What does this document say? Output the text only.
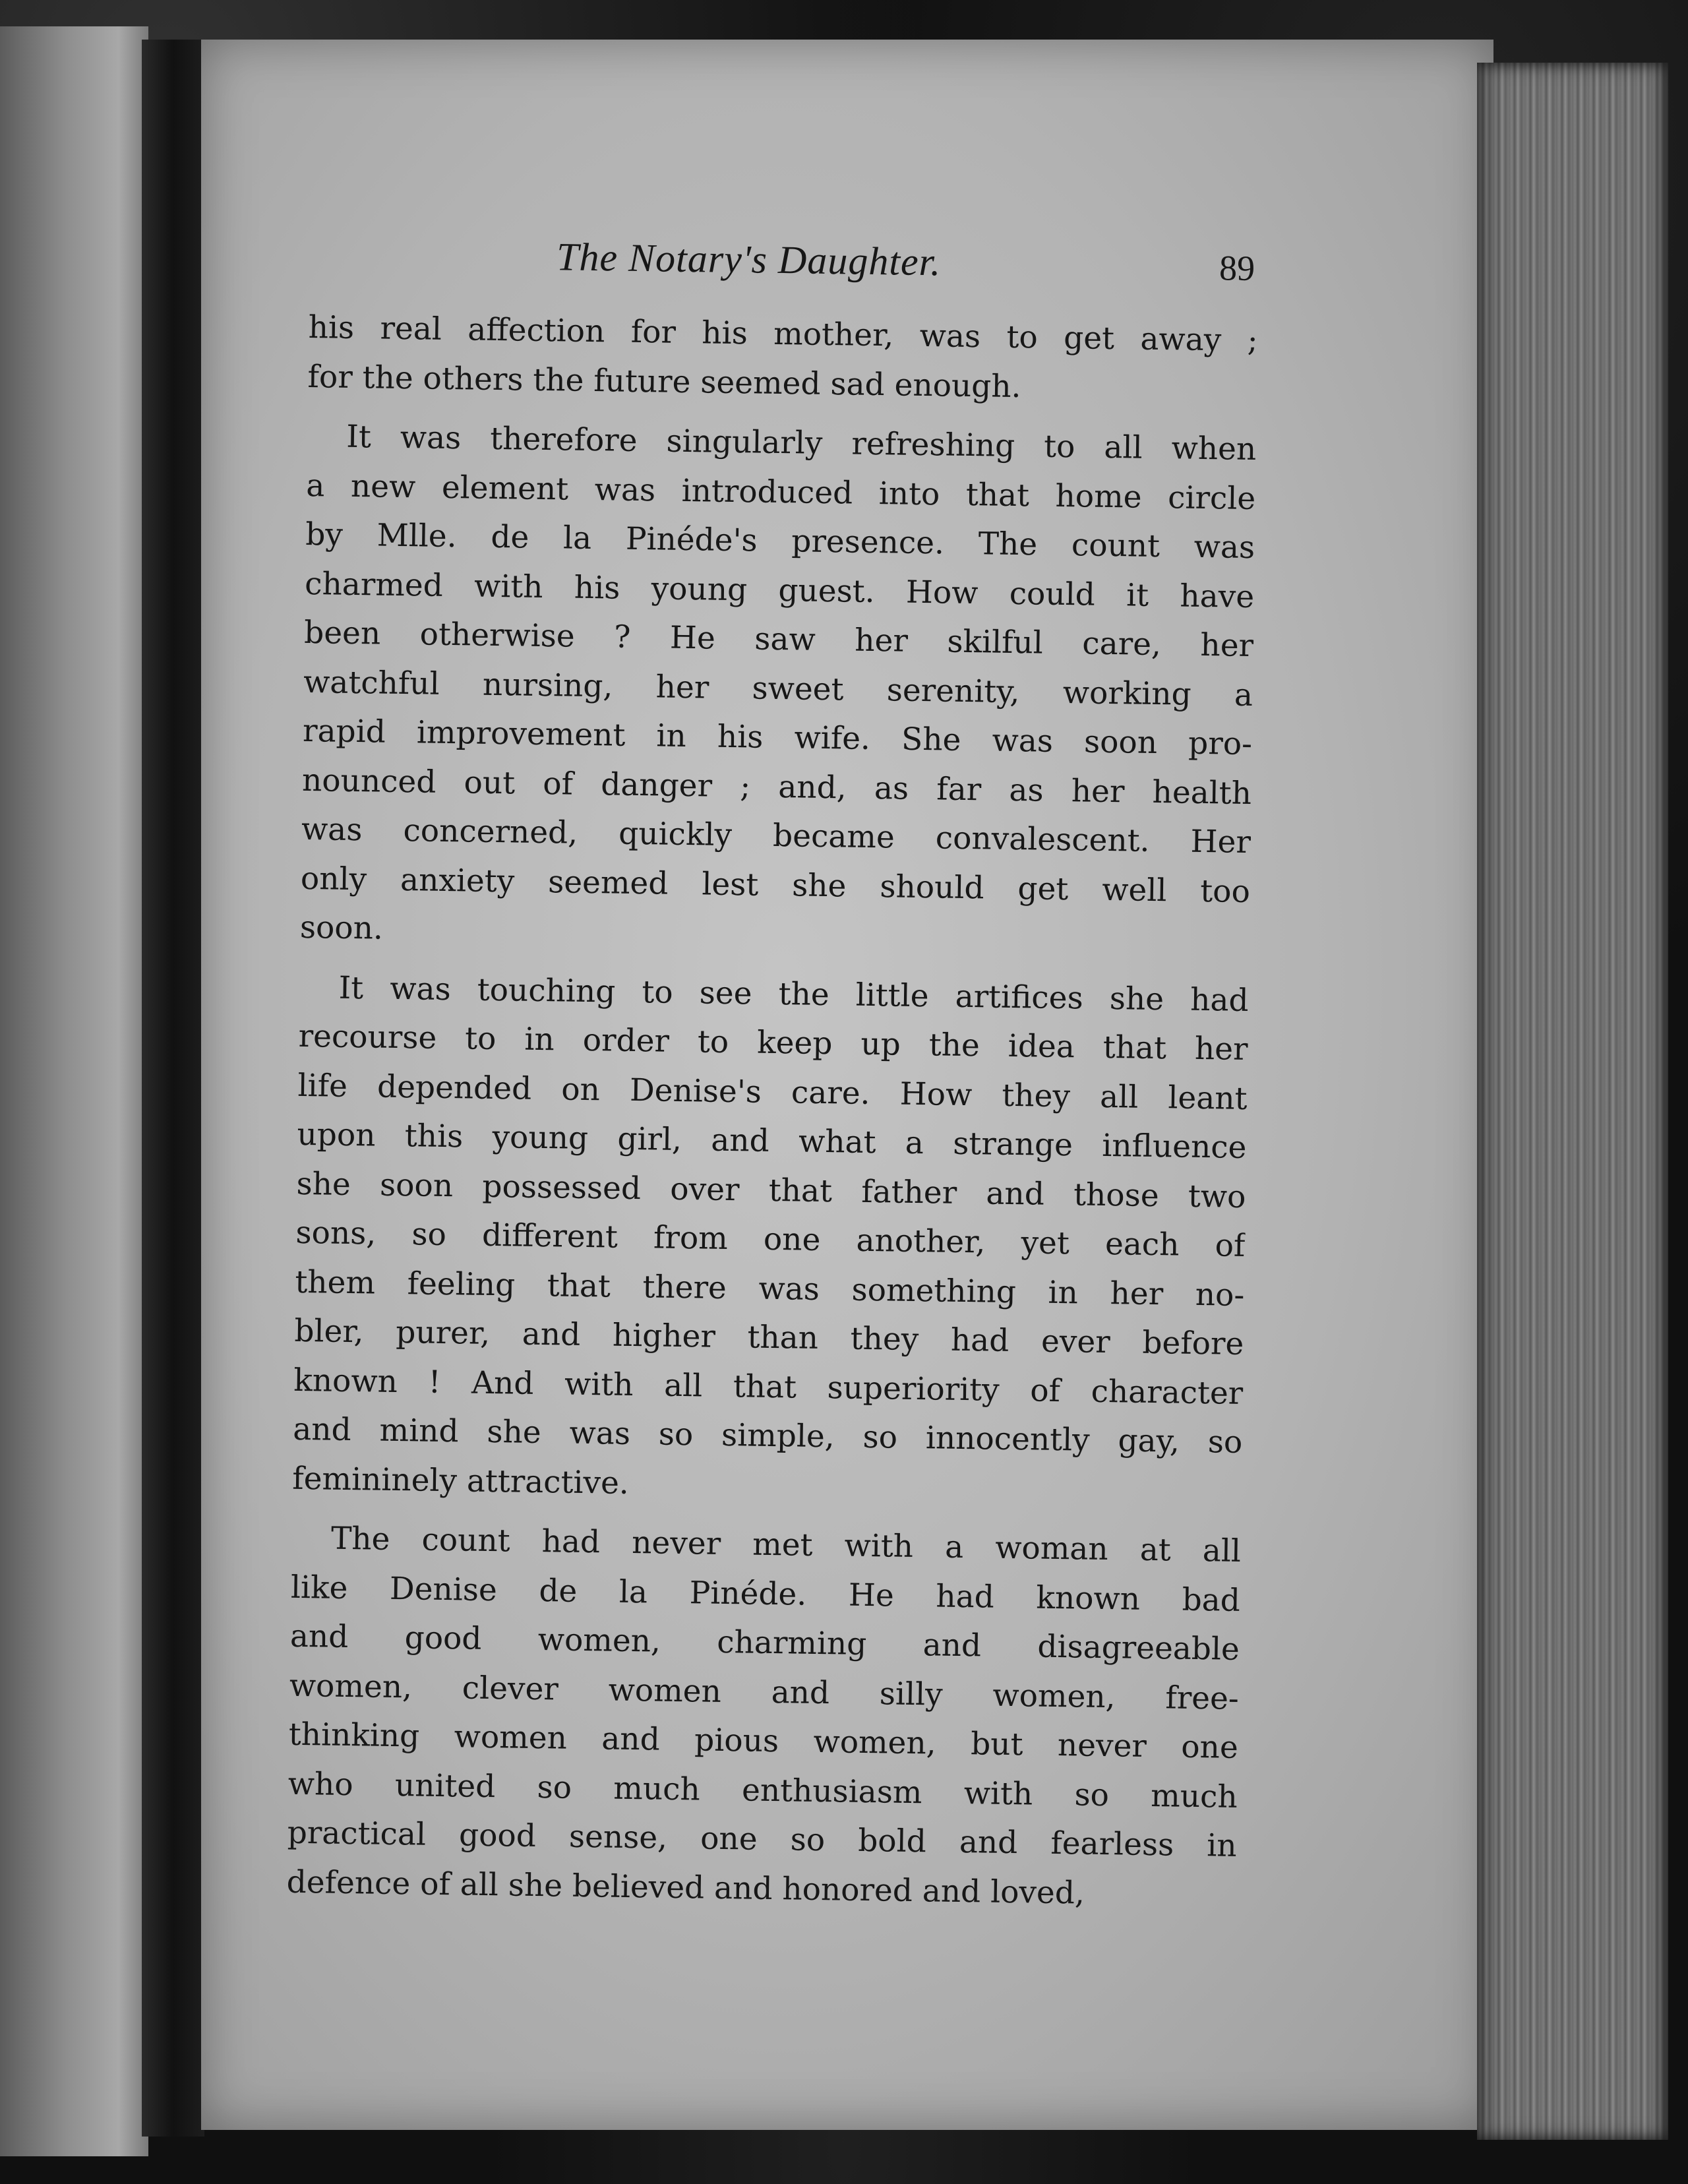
The Notary's Daughter.	89
his real affection for his mother, was to get away ;
for the others the future seemed sad enough.
It was therefore singularly refreshing to all when
a new element was introduced into that home circle
by Mlle. de la Pinéde's presence. The count was
charmed with his young guest. How could it have
been otherwise ? He saw her skilful care, her
watchful nursing, her sweet serenity, working a
rapid improvement in his wife. She was soon pro-
nounced out of danger ; and, as far as her health
was concerned, quickly became convalescent. Her
only anxiety seemed lest she should get well too
soon.
It was touching to see the little artifices she had
recourse to in order to keep up the idea that her
life depended on Denise's care. How they all leant
upon this young girl, and what a strange influence
she soon possessed over that father and those two
sons, so different from one another, yet each of
them feeling that there was something in her no-
bler, purer, and higher than they had ever before
known ! And with all that superiority of character
and mind she was so simple, so innocently gay, so
femininely attractive.
The count had never met with a woman at all
like Denise de la Pinéde. He had known bad
and good women, charming and disagreeable
women, clever women and silly women, free-
thinking women and pious women, but never one
who united so much enthusiasm with so much
practical good sense, one so bold and fearless in
defence of all she believed and honored and loved,
